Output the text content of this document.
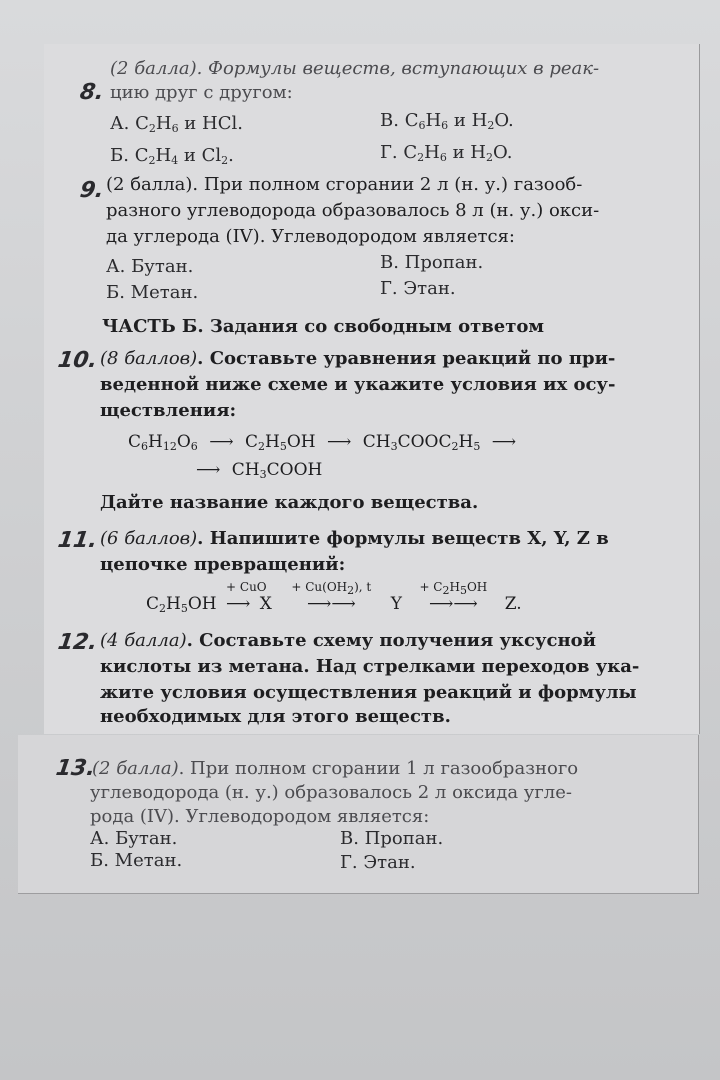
8.
(2 балла). Формулы веществ, вступающих в реак-
цию друг с другом:
А. $C_2H_6$ и HCl.	В. $C_6H_6$ и $H_2O$.
Б. $C_2H_4$ и $Cl_2$.	Г. $C_2H_6$ и $H_2O$.
9. (2 балла). При полном сгорании 2 л (н. у.) газооб-
разного углеводорода образовалось 8 л (н. у.) окси-
да углерода (IV). Углеводородом является:
А. Бутан.	В. Пропан.
Б. Метан.	Г. Этан.
ЧАСТЬ Б. Задания со свободным ответом
10. (8 баллов). Составьте уравнения реакций по при-
веденной ниже схеме и укажите условия их осу-
ществления:
$C_6H_{12}O_6$ ⟶ $C_2H_5OH$ ⟶ $CH_3COOC_2H_5$ ⟶
⟶ $CH_3COOH$
Дайте название каждого вещества.
11. (6 баллов). Напишите формулы веществ X, Y, Z в
цепочке превращений:
$C_2H_5OH$
+ CuO
⟶ X
+ $Cu(OH_2)$, t
⟶⟶ Y
+ $C_2H_5OH$
⟶⟶ Z.
12. (4 балла). Составьте схему получения уксусной
кислоты из метана. Над стрелками переходов ука-
жите условия осуществления реакций и формулы
необходимых для этого веществ.
13.
(2 балла). При полном сгорании 1 л газообразного
углеводорода (н. у.) образовалось 2 л оксида угле-
рода (IV). Углеводородом является:
А. Бутан.	В. Пропан.
Б. Метан.	Г. Этан.
